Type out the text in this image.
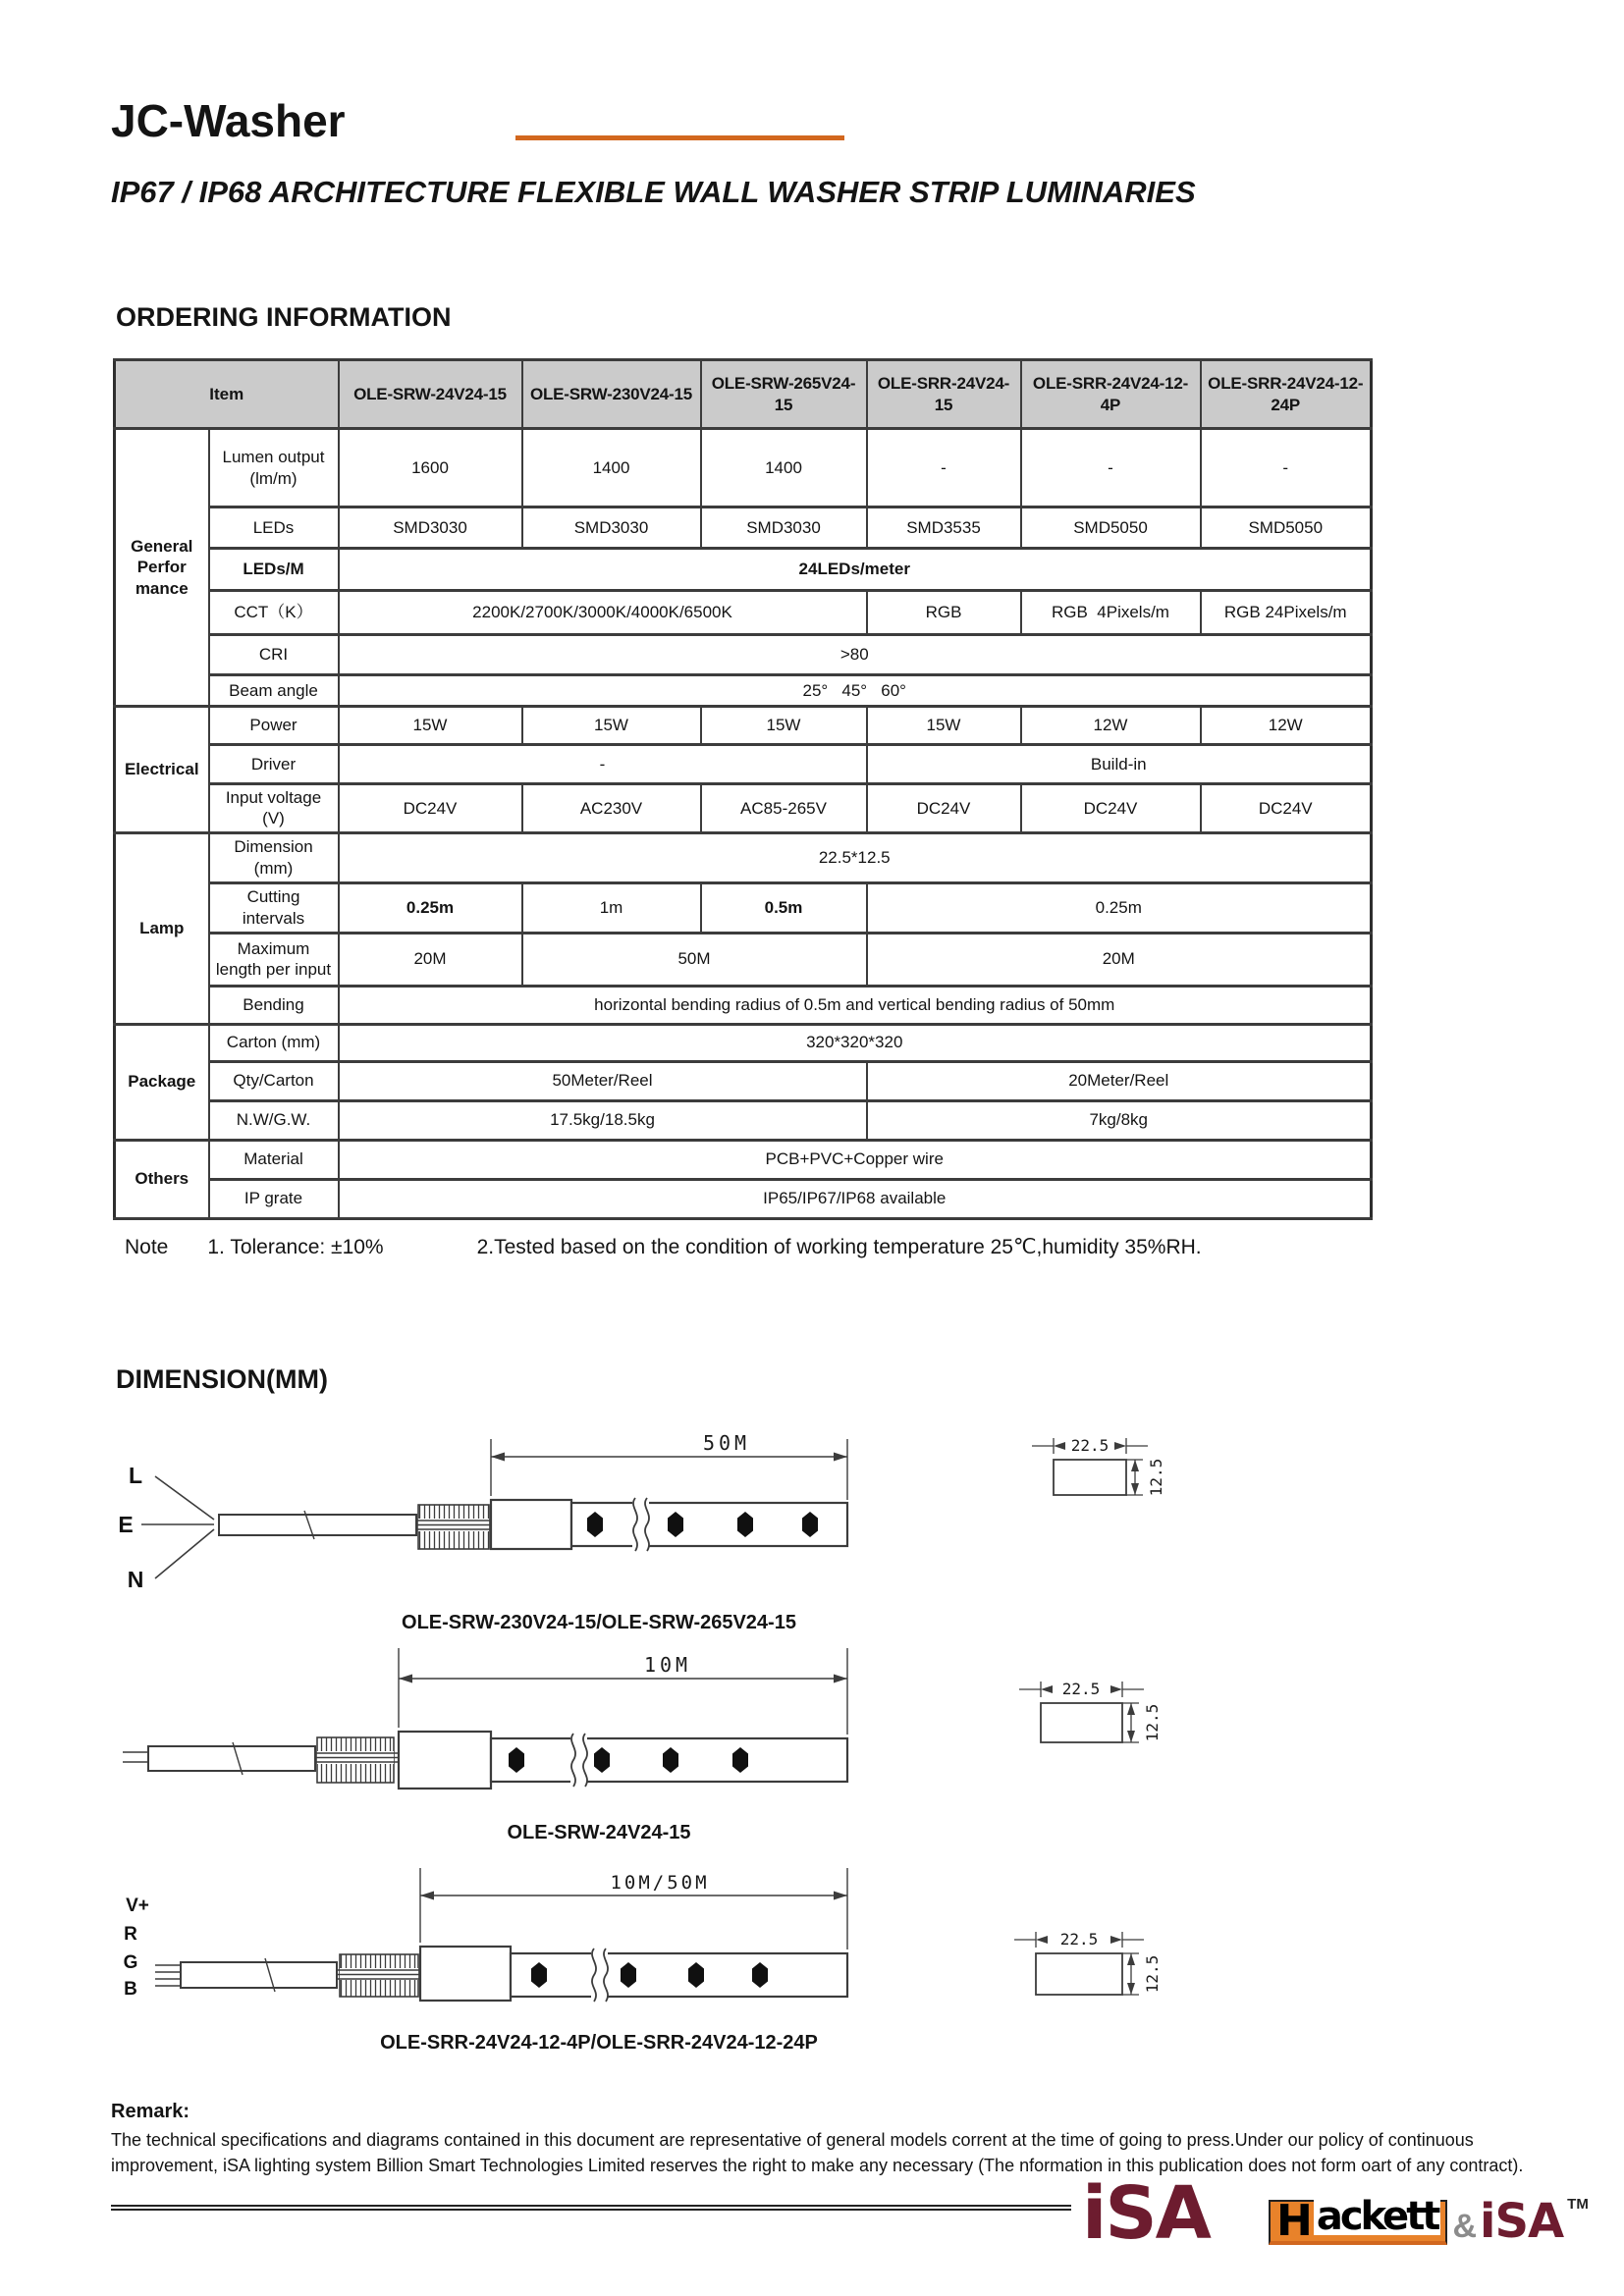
JC-Washer
IP67 / IP68 ARCHITECTURE FLEXIBLE WALL WASHER STRIP LUMINARIES
ORDERING INFORMATION
Item		OLE-SRW-24V24-15	OLE-SRW-230V24-15	OLE-SRW-265V24-15	OLE-SRR-24V24-15	OLE-SRR-24V24-12-4P	OLE-SRR-24V24-12-24P
General Perfor mance	Lumen output (lm/m)	1600	1400	1400	-	-	-
	LEDs	SMD3030	SMD3030	SMD3030	SMD3535	SMD5050	SMD5050
	LEDs/M	24LEDs/meter					
	CCT（K）	2200K/2700K/3000K/4000K/6500K			RGB	RGB  4Pixels/m	RGB 24Pixels/m
	CRI	>80					
	Beam angle	25°   45°   60°					
Electrical	Power	15W	15W	15W	15W	12W	12W
	Driver	-			Build-in		
	Input voltage (V)	DC24V	AC230V	AC85-265V	DC24V	DC24V	DC24V
Lamp	Dimension (mm)	22.5*12.5					
	Cutting intervals	0.25m	1m	0.5m	0.25m		
	Maximum length per input	20M	50M		20M		
	Bending	horizontal bending radius of 0.5m and vertical bending radius of 50mm					
Package	Carton (mm)	320*320*320					
	Qty/Carton	50Meter/Reel			20Meter/Reel		
	N.W/G.W.	17.5kg/18.5kg			7kg/8kg		
Others	Material	PCB+PVC+Copper wire					
	IP grate	IP65/IP67/IP68 available					
Note 1. Tolerance: ±10%	2.Tested based on the condition of working temperature 25℃,humidity 35%RH.
DIMENSION(MM)
L
E
N
50M	22.5
12.5
OLE-SRW-230V24-15/OLE-SRW-265V24-15
10M
22.5
12.5
OLE-SRW-24V24-15
V+
R
G
B
10M/50M
22.5
12.5
OLE-SRR-24V24-12-4P/OLE-SRR-24V24-12-24P
Remark:
The technical specifications and diagrams contained in this document are representative of general models corrent at the time of going to press.Under our policy of continuous improvement, iSA lighting system Billion Smart Technologies Limited reserves the right to make any necessary (The nformation in this publication does not form oart of any contract).
iSA H ackett & iSA TM
